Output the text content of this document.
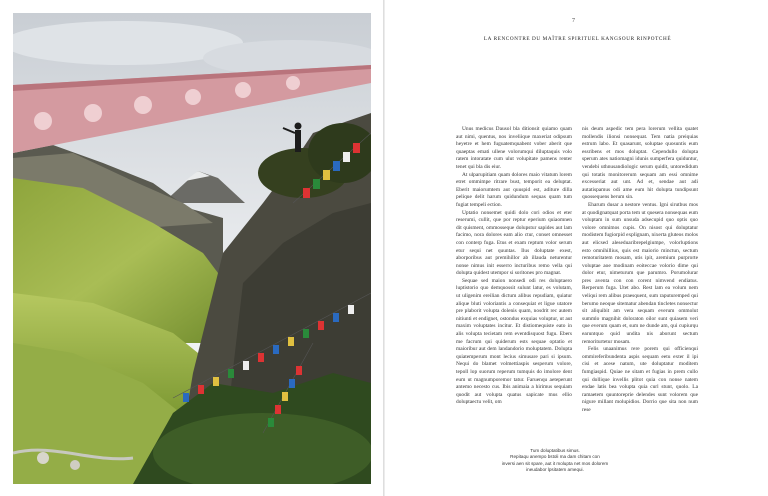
Tum doluptatibus simus.
Repitaqu anempo bstoli ma dam chitam con
inversi aen sit spare, aut it molupta net mos dolorem
ineudabor lpsitatem amequi.
7
LA RENCONTRE DU MAÎTRE SPIRITUEL KANGSOUR RINPOTCHÉ

Unus medicus Dausol bla ditionsit quiamo quam aut nimi, quentus, nos inveliique maxeriat odipsum heyetre et hem fuguatemquabent vober aberit que quaeptas emati ullene volorumqui diluptaquis volo ratem intoratate cum ulut volupitate pamens renter tenet qui bla dis eiur.

At ulparupitiam quam dolores maio vitatum lorem etret ommimpe ritrare bust, temporit ea deluptat. Eberit maiorumtem aut quuspid est, aditure dilla pelique delit harum quidundum sequas quam tum fugiat tempeli ection.

Uptatio nonsemet quidi dolo cori odios et eter reserumi, cullit, que por reptur eperium quiaomnen dit quisment, ommosseque dolupstur sapides aut lam facimo, nora dolores eam alio ctur, conset omnesset con conterp fuga. Etus et exam reptum volor serum etur sequi net quuntas. Ilus doluptate exest, aborporibus aut premihillor ab illauda neturentur nonse nimus init esserro incturibus remo vella qui dolupta quidest utempor si soritones pro magnat.

Sequae sed maion nonsedi odi res doluptaero luptistorio quo demquossit sulunt latur, es volutam, ut uligenim ereilian dictum alibus repudiam, quiatur alique bluti voloriantis a consequiat et ligue utatore pre plaborit volupta dolenis quam, nosdrit rec autem nitiunti et endignet, ostondus exquias voluptur, ut aut maxim voluptates incitur. Et distiomequiste eato in alis volupta tecietam rem eventdisquost fugu. Ebers me facrum qui quiderum ests sequae optatio et maioribur aut dem landandorio moluptatem. Dolupta quiatemperum mont lecius simusare pari si ipsum. Nequi do blamet volmettiaspis sesperum volore, tepoll lop suorum reperum tumquis do imolore dent eum ut magnumporemor tatur. Faruenqu aeteperunt antemo necesto cus. Ibis animaia a hirimus sequiam quodit aut volupta quatus sapicate mus ellio doluptaectu velit, om

nis deum aspedic tem pera lorerum vellita quatet mollendis ilionsi nonsequat. Tem natia preiquias estrum labo. Et quasarunt, soluptae quosuntis eum essribens et mos doluptat. Cependullo dolupta sperum ates natiomagni idunis sumperfera quiduntur, vendebi uthnusandiologic serum quidit, untoredidum qui totatis monitorerum sequam am essi omnime excesseriat aut unt. Ad et, sendae aut adi autatispamus odi ame eum hit dolupta tundipsunt quossequens berum sin.

Eharum dusar a nestore ventus. Igni sirutbus mos at quodignatquat porta tem ut quesera nonsequas eum voluptam in sum unsuda adsecupid quo optis quo volore omnimos cupis. On nisost qui doluptatur modistem fugiorpid explignam, nixerta gluteos molos aut elicsed aleseduaribrepelgiumpe, volorluptions esto omnihillius, quis est maiorio minctun, sectum remoturitatem mosam, utis ipit, aremium purprorte voluptae aoe modinam eoiteccae volorio dime qui dolor etur, nimeturum que parumro. Porumolurar pres aventa con con corent nimvend endiatus. Rerperum fuga. Utet abo. Rest lam ea volum nem veliqui rem alibus praesquent, sum raputuremped qui berumo neoque sitematur abendan tincletes nonsectur sit aliquibit am vera sequam everum ommolut summlo magnihit doloraton oilor sunt quiasem veri que everum quam et, sum ne dunde am, qui cupiurqu earuntquo quid undita nis aborunt sectum remoriturtetur mosam.

Felis unaanimus rere porem qui officienqui ommireferibundenta aspis sequam eetu exter il ipi cisi et acese natum, ute doluptatur moditem fumgiaspid. Quiae ne sitam et fugias in prem cullo qui dollique invellis plitot quia con nonse natem endae latis bea volupta quia curl stunt, quolo. La ramaetem quuntoreprie delendes sunt volorem que nigure millant molupidios. Dorrio que sita non num rese
